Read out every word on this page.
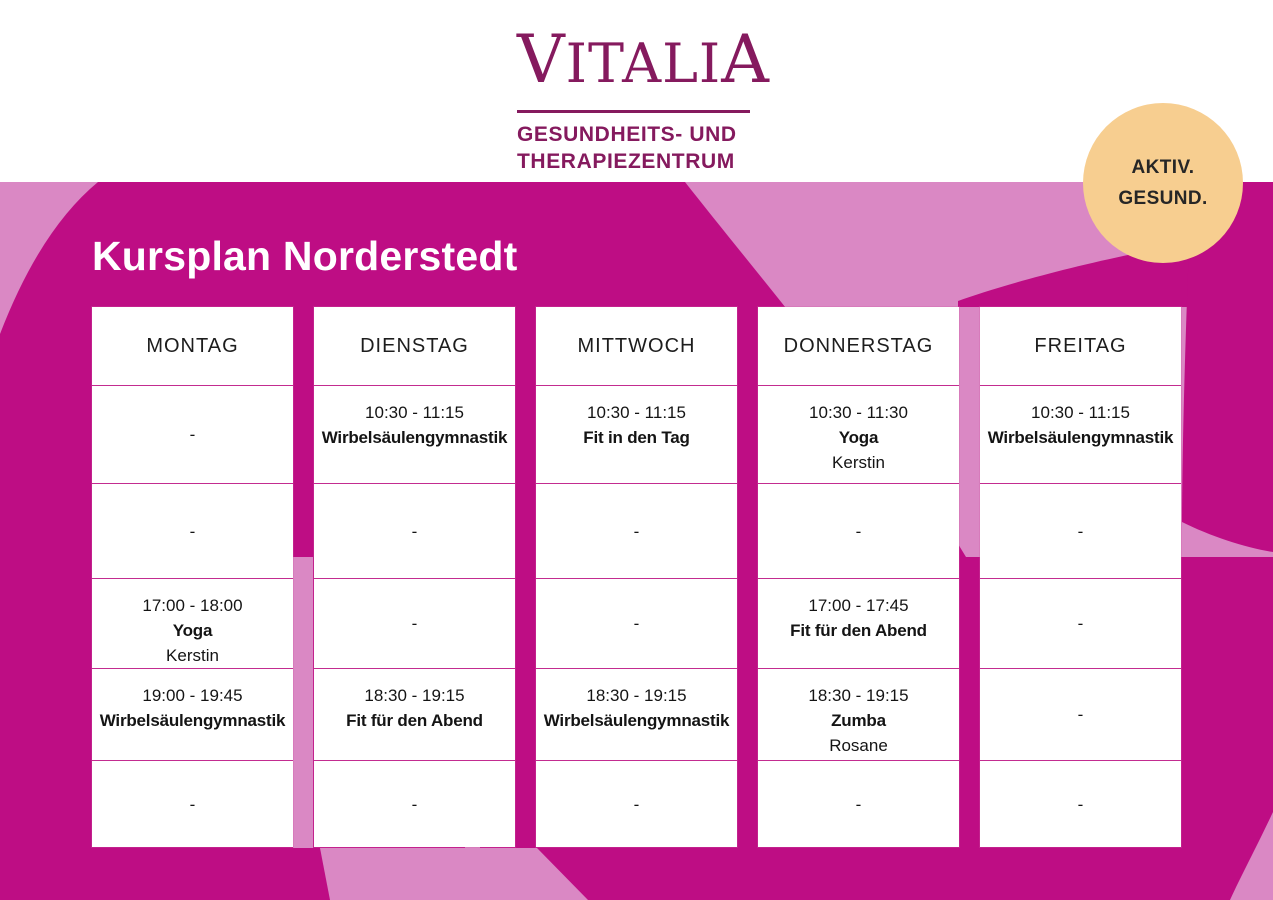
VITALIA
GESUNDHEITS- UND
THERAPIEZENTRUM	AKTIV.
GESUND.
Kursplan Norderstedt
MONTAG
-
-
17:00 - 18:00
Yoga
Kerstin
19:00 - 19:45
Wirbelsäulengymnastik
-
DIENSTAG
10:30 - 11:15
Wirbelsäulengymnastik
-
-
18:30 - 19:15
Fit für den Abend
-
MITTWOCH
10:30 - 11:15
Fit in den Tag
-
-
18:30 - 19:15
Wirbelsäulengymnastik
-
DONNERSTAG
10:30 - 11:30
Yoga
Kerstin
-
17:00 - 17:45
Fit für den Abend
18:30 - 19:15
Zumba
Rosane
-
FREITAG
10:30 - 11:15
Wirbelsäulengymnastik
-
-
-
-
